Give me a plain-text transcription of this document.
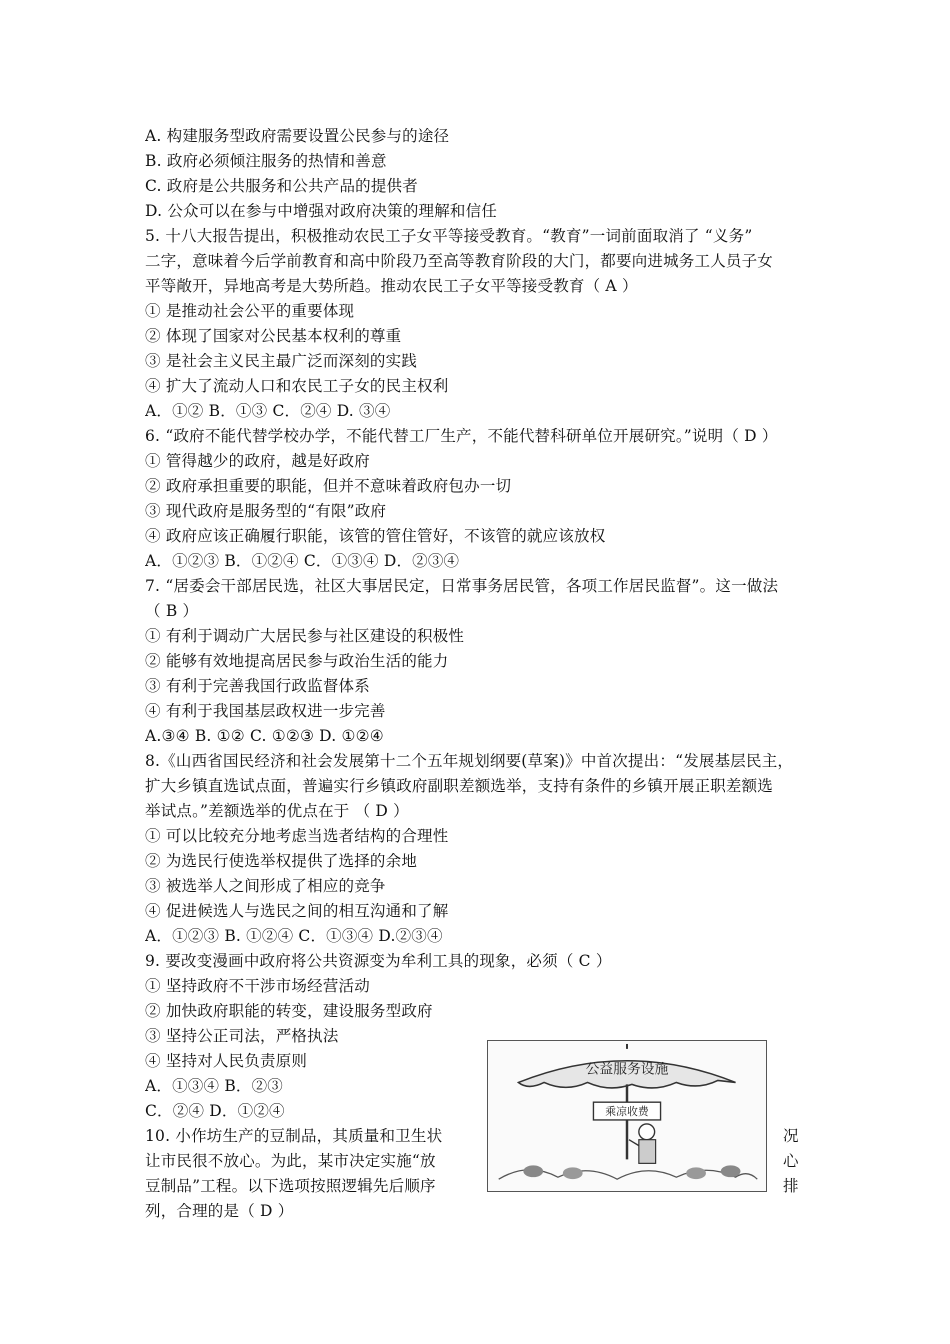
A. 构建服务型政府需要设置公民参与的途径
B. 政府必须倾注服务的热情和善意
C. 政府是公共服务和公共产品的提供者
D. 公众可以在参与中增强对政府决策的理解和信任
5. 十八大报告提出，积极推动农民工子女平等接受教育。“教育”一词前面取消了 “义务”
二字，意味着今后学前教育和高中阶段乃至高等教育阶段的大门，都要向进城务工人员子女
平等敞开，异地高考是大势所趋。推动农民工子女平等接受教育（ A ）
① 是推动社会公平的重要体现
② 体现了国家对公民基本权利的尊重
③ 是社会主义民主最广泛而深刻的实践
④ 扩大了流动人口和农民工子女的民主权利
A．①② B．①③ C．②④ D. ③④
6. “政府不能代替学校办学，不能代替工厂生产，不能代替科研单位开展研究。”说明（ D ）
① 管得越少的政府，越是好政府
② 政府承担重要的职能，但并不意味着政府包办一切
③ 现代政府是服务型的“有限”政府
④ 政府应该正确履行职能，该管的管住管好，不该管的就应该放权
A．①②③ B．①②④ C．①③④ D．②③④
7. “居委会干部居民选，社区大事居民定，日常事务居民管，各项工作居民监督”。这一做法
（ B ）
① 有利于调动广大居民参与社区建设的积极性
② 能够有效地提高居民参与政治生活的能力
③ 有利于完善我国行政监督体系
④ 有利于我国基层政权进一步完善
A.③④ B. ①② C. ①②③ D. ①②④
8.《山西省国民经济和社会发展第十二个五年规划纲要(草案)》中首次提出：“发展基层民主，
扩大乡镇直选试点面，普遍实行乡镇政府副职差额选举，支持有条件的乡镇开展正职差额选
举试点。”差额选举的优点在于 （ D ）
① 可以比较充分地考虑当选者结构的合理性
② 为选民行使选举权提供了选择的余地
③ 被选举人之间形成了相应的竞争
④ 促进候选人与选民之间的相互沟通和了解
A．①②③ B. ①②④ C．①③④ D.②③④
9. 要改变漫画中政府将公共资源变为牟利工具的现象，必须（ C ）
① 坚持政府不干涉市场经营活动
② 加快政府职能的转变，建设服务型政府
③ 坚持公正司法，严格执法
④ 坚持对人民负责原则
A．①③④ B．②③
C．②④ D．①②④
10. 小作坊生产的豆制品，其质量和卫生状
让市民很不放心。为此，某市决定实施“放
豆制品”工程。以下选项按照逻辑先后顺序
列，合理的是（ D ）
况
心
排
公益服务设施
乘凉收费
